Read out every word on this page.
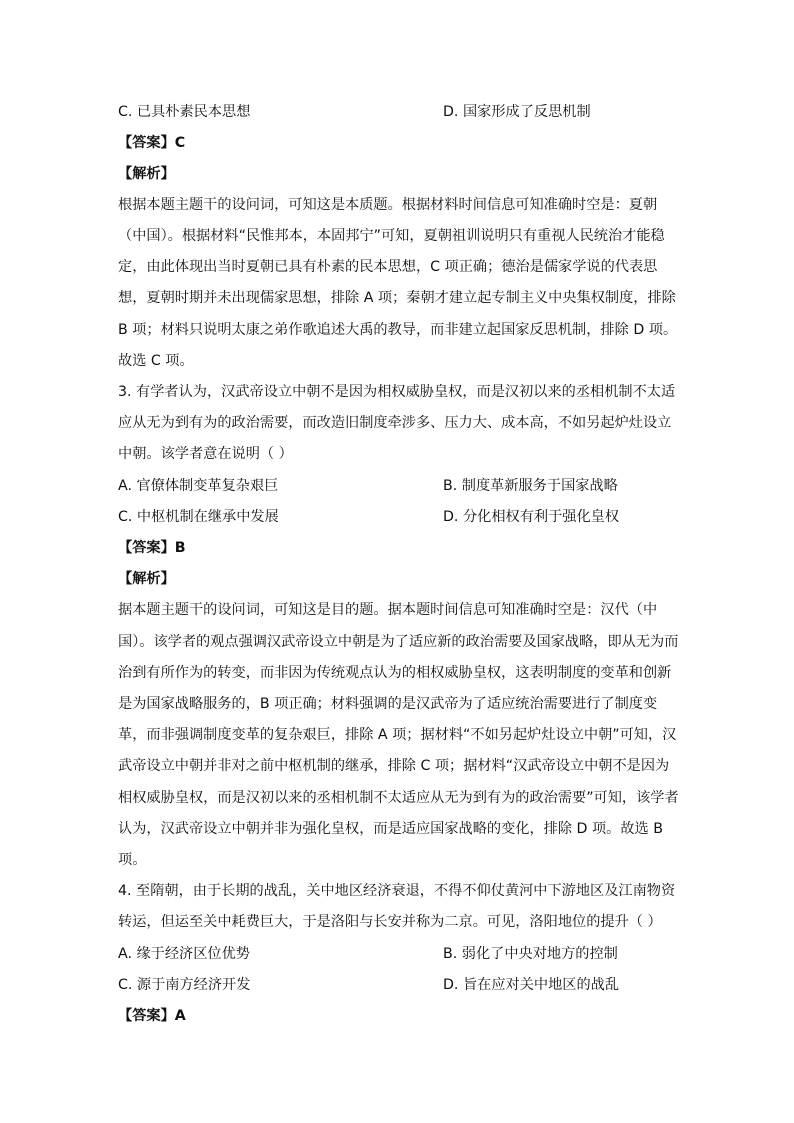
C. 已具朴素民本思想	D. 国家形成了反思机制
【答案】C
【解析】
根据本题主题干的设问词，可知这是本质题。根据材料时间信息可知准确时空是：夏朝
（中国）。根据材料“民惟邦本，本固邦宁”可知，夏朝祖训说明只有重视人民统治才能稳
定，由此体现出当时夏朝已具有朴素的民本思想，C 项正确；德治是儒家学说的代表思
想，夏朝时期并未出现儒家思想，排除 A 项；秦朝才建立起专制主义中央集权制度，排除
B 项；材料只说明太康之弟作歌追述大禹的教导，而非建立起国家反思机制，排除 D 项。
故选 C 项。
3. 有学者认为，汉武帝设立中朝不是因为相权威胁皇权，而是汉初以来的丞相机制不太适
应从无为到有为的政治需要，而改造旧制度牵涉多、压力大、成本高，不如另起炉灶设立
中朝。该学者意在说明（ ）
A. 官僚体制变革复杂艰巨	B. 制度革新服务于国家战略
C. 中枢机制在继承中发展	D. 分化相权有利于强化皇权
【答案】B
【解析】
据本题主题干的设问词，可知这是目的题。据本题时间信息可知准确时空是：汉代（中
国）。该学者的观点强调汉武帝设立中朝是为了适应新的政治需要及国家战略，即从无为而
治到有所作为的转变，而非因为传统观点认为的相权威胁皇权，这表明制度的变革和创新
是为国家战略服务的，B 项正确；材料强调的是汉武帝为了适应统治需要进行了制度变
革，而非强调制度变革的复杂艰巨，排除 A 项；据材料“不如另起炉灶设立中朝”可知，汉
武帝设立中朝并非对之前中枢机制的继承，排除 C 项；据材料“汉武帝设立中朝不是因为
相权威胁皇权，而是汉初以来的丞相机制不太适应从无为到有为的政治需要”可知，该学者
认为，汉武帝设立中朝并非为强化皇权，而是适应国家战略的变化，排除 D 项。故选 B
项。
4. 至隋朝，由于长期的战乱，关中地区经济衰退，不得不仰仗黄河中下游地区及江南物资
转运，但运至关中耗费巨大，于是洛阳与长安并称为二京。可见，洛阳地位的提升（ ）
A. 缘于经济区位优势	B. 弱化了中央对地方的控制
C. 源于南方经济开发	D. 旨在应对关中地区的战乱
【答案】A
